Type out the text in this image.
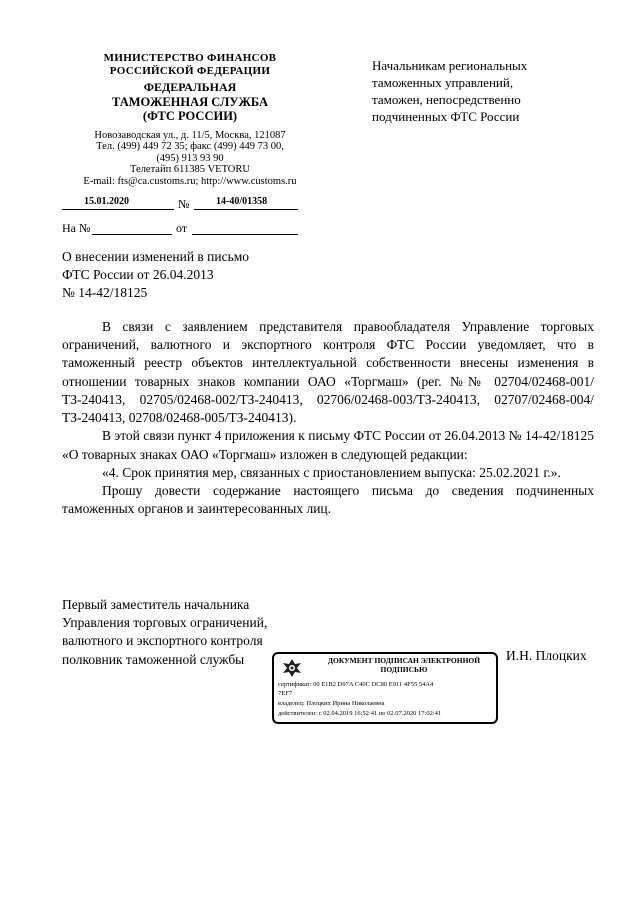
МИНИСТЕРСТВО ФИНАНСОВ
РОССИЙСКОЙ ФЕДЕРАЦИИ
ФЕДЕРАЛЬНАЯ
ТАМОЖЕННАЯ СЛУЖБА
(ФТС РОССИИ)
Новозаводская ул., д. 11/5, Москва, 121087
Тел. (499) 449 72 35; факс (499) 449 73 00,
(495) 913 93 90
Телетайп 611385 VETORU
E-mail: fts@ca.customs.ru; http://www.customs.ru
15.01.2020	№	14-40/01358
На №	от
Начальникам региональных
таможенных управлений,
таможен, непосредственно
подчиненных ФТС России
О внесении изменений в письмо
ФТС России от 26.04.2013
№ 14-42/18125

В связи с заявлением представителя правообладателя Управление торговых ограничений, валютного и экспортного контроля ФТС России уведомляет, что в таможенный реестр объектов интеллектуальной собственности внесены изменения в отношении товарных знаков компании ОАО «Торгмаш» (рег. №№ 02704/02468-001/ТЗ-240413, 02705/02468-002/ТЗ-240413, 02706/02468-003/ТЗ-240413, 02707/02468-004/ТЗ-240413, 02708/02468-005/ТЗ-240413).

В этой связи пункт 4 приложения к письму ФТС России от 26.04.2013 № 14-42/18125 «О товарных знаках ОАО «Торгмаш» изложен в следующей редакции:

«4. Срок принятия мер, связанных с приостановлением выпуска: 25.02.2021 г.».

Прошу довести содержание настоящего письма до сведения подчиненных таможенных органов и заинтересованных лиц.

Первый заместитель начальника
Управления торговых ограничений,
валютного и экспортного контроля
полковник таможенной службы	И.Н. Плоцких
ДОКУМЕНТ ПОДПИСАН ЭЛЕКТРОННОЙ ПОДПИСЬЮ
сертификат: 00 E1B2 D97A C40C DC80 E911 4F55 54A4
7EF7
владелец: Плоцких Ирина Николаевна
действителен: с 02.04.2019 16:52:41 по 02.07.2020 17:02:41
